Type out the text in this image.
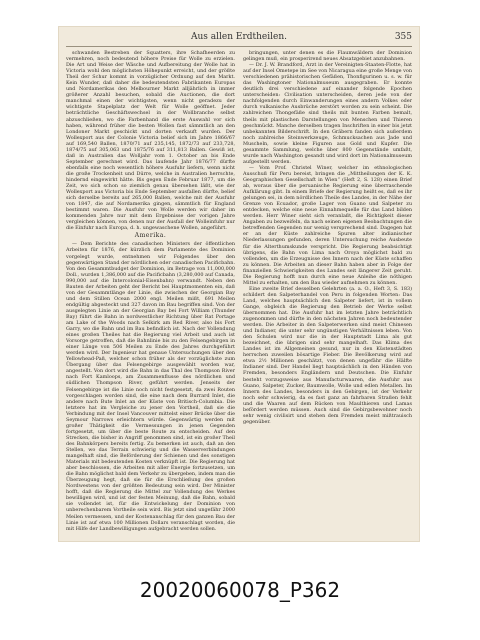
Aus allen Erdtheilen.	355

schwanden Bestreben der Squatters, ihre Schafheerden zu vermehren, noch bedeutend höhere Preise für Wolle zu erzielen. Die Art und Weise der Wäsche und Aufbereitung der Wolle hat in Victoria wohl den möglichsten Höhepunkt erreicht, und der größte Theil der Schur kommt in vorzüglicher Ordnung auf den Markt. Kein Wunder, daß daher die bedeutendsten Fabrikanten Europas und Nordamerikas den Melbourner Markt alljährlich in immer größerer Anzahl besuchen, sobald die Auctionen, die dort manchmal einen der wichtigsten, wenn nicht geradezu der wichtigste Stapelplatz der Welt für Wolle geöffnet. Jeder beträchtliche Geschäftswechsel in der Wollbranche selbst abzuschließen, wo die Farbenhand die erste Auswahl vor sich haben, während früher die besten Wollen fast sämmtlich an den Londoner Markt geschickt und dorten verkauft wurden. Der Wollexport aus der Colonie Victoria belief sich im Jahre 1866/67 auf 169,540 Ballen, 1870/71 auf 235,145, 1872/73 auf 233,728, 1874/75 auf 305,063 und 1875/76 auf 311,813 Ballen. Gewiß ist, daß in Australien das Wolljahr vom 1. October an bis Ende September gerechnet wird. Das laufende Jahr 1876/77 dürfte ebenfalls eine noch wesentlich höhere Ausfuhr liefern, wenn nicht die große Trockenheit und Dürre, welche in Australien herrschte, hindernd eingewirkt hätte. Bis gegen Ende Februar 1877, um die Zeit, wo sich schon so ziemlich genau übersehen läßt, wie der Wollexport aus Victoria bis Ende September ausfallen dürfte, belief sich derselbe bereits auf 265,000 Ballen, welche mit der Ausfuhr von 1847, die auf Nordamerika gingen, sämmtlich für England bestimmt waren. Die Ausfuhr von Wolle werden wir daher im kommenden Jahre nur mit dem Ergebnisse der vorigen Jahre vergleichen können, von denen nur der Ausfall der Wolleinfuhr nur die Einfuhr nach Europa, d. h. ungewaschene Wollen, angeführt.

Amerika.

— Dem Berichte des canadischen Ministers der öffentlichen Arbeiten für 1876, der kürzlich dem Parlamente des Dominion vorgelegt wurde, entnehmen wir Folgendes über den gegenwärtigen Stand der nördlichen oder canadischen Pacificbahn. Von den Gesammtbudget der Dominion, im Betrage von 11,000,000 Doll., wurden 1,386,000 auf die Pacificbahn (3,280,000 auf Canada, 990,000 auf die Intercolonial-Eisenbahn) verwandt. Neben den Bauten der Arbeiten geht der Bericht bei Hauptmomenten ein, daß von der Gesammtlänge der Linie, die zwischen der Georgian Bay und dem Stillen Ocean 2000 engl. Meilen mißt, 691 Meilen endgültig abgesteckt und 327 davon im Bau begriffen sind. Von der ausgelegten Linie an der Georgian Bay bei Fort William (Thunder Bay) führt die Bahn in nordwestlicher Richtung über Rat Portage am Lake of the Woods nach Selkirk am Red River, also bis Fort Garry, wo die Bahn und im Bau befindlich ist. Nach der Vollendung eines großen Theiles hat die Regierung viel Arbeit und auch ist Vorsorge getroffen, daß die Bahnlinie bis zu den Felsengebirgen in einer Länge von 506 Meilen zu Ende des Jahres durchgeführt werden wird. Der Ingenieur hat genaue Untersuchungen über den Yellowhead-Paß, welcher schon früher als der vorzüglichste zum Übergang über das Felsengebirge ausgewählt worden war, angestellt. Von dort wird die Bahn in das Thal des Thompson River nach Fort Kamloops, am Zusammenflusse des nördlichen und südlichen Thompson River, geführt werden. Jenseits der Felsengebirge ist die Linie noch nicht festgesetzt, da zwei Routen vorgeschlagen worden sind, die eine nach dem Burrard Inlet, die andere nach Bute Inlet an der Küste von Britisch-Columbia. Die letztere hat im Vergleiche zu jener den Vortheil, daß sie die Verbindung mit der Insel Vancouver mittelst einer Brücke über die Seymour Narrows erleichtern würde. Gegenwärtig werden mit großer Thätigkeit die Vermessungen in jenen Gegenden fortgesetzt, um über die beste Route zu entscheiden. Auf den Strecken, die bisher in Angriff genommen sind, ist ein großer Theil des Bahnkörpers bereits fertig. Zu bemerken ist auch, daß an den Stellen, wo das Terrain schwierig und die Wasserverbindungen mangelhaft sind, die Beförderung der Schienen und des sonstigen Materials mit bedeutenden Kosten verknüpft ist. Die Regierung hat aber beschlossen, die Arbeiten mit aller Energie fortzusetzen, um die Bahn möglichst bald dem Verkehr zu übergeben, indem man die Überzeugung hegt, daß sie für die Erschließung des großen Nordwestens von der größten Bedeutung sein wird. Der Minister hofft, daß die Regierung die Mittel zur Vollendung des Werkes bewilligen wird, und ist der festen Meinung, daß die Bahn, sobald sie vollendet ist, für die Entwickelung der Dominion von unberechenbarem Vortheile sein wird. Bis jetzt sind ungefähr 2000 Meilen vermessen, und der Kostenanschlag für den ganzen Bau der Linie ist auf etwa 100 Millionen Dollars veranschlagt worden, die mit Hilfe der Landbewilligungen aufgebracht werden sollen.

bringungen, unter denen es die Flaumwäldern der Dominion gelingen muß, ein prosperirend neues Absatzgebiet anzubahnen.

— Dr. J. W. Brandford, Arzt in der Vereinigten-Staaten-Flotte, hat auf der Insel Ometepe im See von Nicaragua eine große Menge von verschiedenen prähistorischen Gefäßen, Thonfigurinen u. s. w. für das Washingtoner Nationalmuseum ausgegraben. Er konnte deutlich drei verschiedene auf einander folgende Epochen unterscheiden: Civilisation unterscheiden, deren jede von der nachfolgenden durch Einwanderungen eines andern Volkes oder durch vulkanische Ausbrüche zerstört worden zu sein scheint. Die zahlreichen Thongefäße sind theils mit bunten Farben bemalt, theils mit plastischen Darstellungen von Menschen und Thieren geschmückt. Manche derselben tragen Inschriften in einer bis jetzt unbekannten Bilderschrift. In den Gräbern fanden sich außerdem noch zahlreiche Steinwerkzeuge, Schmucksachen aus Jade und Muscheln, sowie kleine Figuren aus Gold und Kupfer. Die gesammte Sammlung, welche über 800 Gegenstände umfaßt, wurde nach Washington gesandt und wird dort im Nationalmuseum aufgestellt werden.

— Vom Prof. Christel Winer, welcher im ethnologischen Ausschuß für Peru bereist, bringen die „Mittheilungen der K. K. Geographischen Gesellschaft in Wien“ (Heft 2, S. 128) einen Brief ab, woraus über die peruanische Regierung eine überraschende Aufklärung gibt. In einem Briefe der Regierung heißt es, daß es ihr gelungen sei, in dem nördlichen Theile des Landes, in der Nähe der Grenze von Ecuador, große Lager von Guano und Salpeter zu entdecken, welche eine neue Einnahmequelle für das Land bilden werden. Herr Winer sieht sich veranlaßt, die Richtigkeit dieser Angaben zu bezweifeln, da nach seinen eigenen Beobachtungen die betreffenden Gegenden nur wenig versprechend sind. Dagegen hat er an der Küste zahlreiche Spuren alter indianischer Niederlassungen gefunden, deren Untersuchung reiche Ausbeute für die Alterthumskunde verspricht. Die Regierung beabsichtigt übrigens, die Bahn von Lima nach Oroya möglichst bald zu vollenden, um die Erzeugnisse des Innern nach der Küste schaffen zu können. Die Arbeiten an dieser Bahn haben aber in Folge der finanziellen Schwierigkeiten des Landes seit längerer Zeit geruht. Die Regierung hofft nun durch eine neue Anleihe die nöthigen Mittel zu erhalten, um den Bau wieder aufnehmen zu können.

Eine zweite Brief desselben Gelehrten (a. a. O., Heft 3, S. 183) schildert den Salpeterhandel von Peru in folgenden Worten: Das Land, welches hauptsächlich den Salpeter liefert, ist in vollem Gange, obgleich die Regierung den Betrieb der Werke selbst übernommen hat. Die Ausfuhr hat im letzten Jahre beträchtlich zugenommen und dürfte in den nächsten Jahren noch bedeutender werden. Die Arbeiter in den Salpeterwerken sind meist Chinesen und Indianer, die unter sehr ungünstigen Verhältnissen leben. Von den Schulen wird nur die in der Hauptstadt Lima als gut bezeichnet, die übrigen sind sehr mangelhaft. Das Klima des Landes ist im Allgemeinen gesund, nur in den Küstenstädten herrschen zuweilen bösartige Fieber. Die Bevölkerung wird auf etwa 2½ Millionen geschätzt, von denen ungefähr die Hälfte Indianer sind. Der Handel liegt hauptsächlich in den Händen von Fremden, besonders Engländern und Deutschen. Die Einfuhr besteht vorzugsweise aus Manufacturwaaren, die Ausfuhr aus Guano, Salpeter, Zucker, Baumwolle, Wolle und edlen Metallen. Im Innern des Landes, besonders in den Gebirgen, ist der Verkehr noch sehr schwierig, da es fast ganz an fahrbaren Straßen fehlt und die Waaren auf dem Rücken von Maulthieren und Lamas befördert werden müssen. Auch sind die Gebirgsbewohner noch sehr wenig civilisirt und stehen dem Fremden meist mißtrauisch gegenüber.

20020060078_P362
